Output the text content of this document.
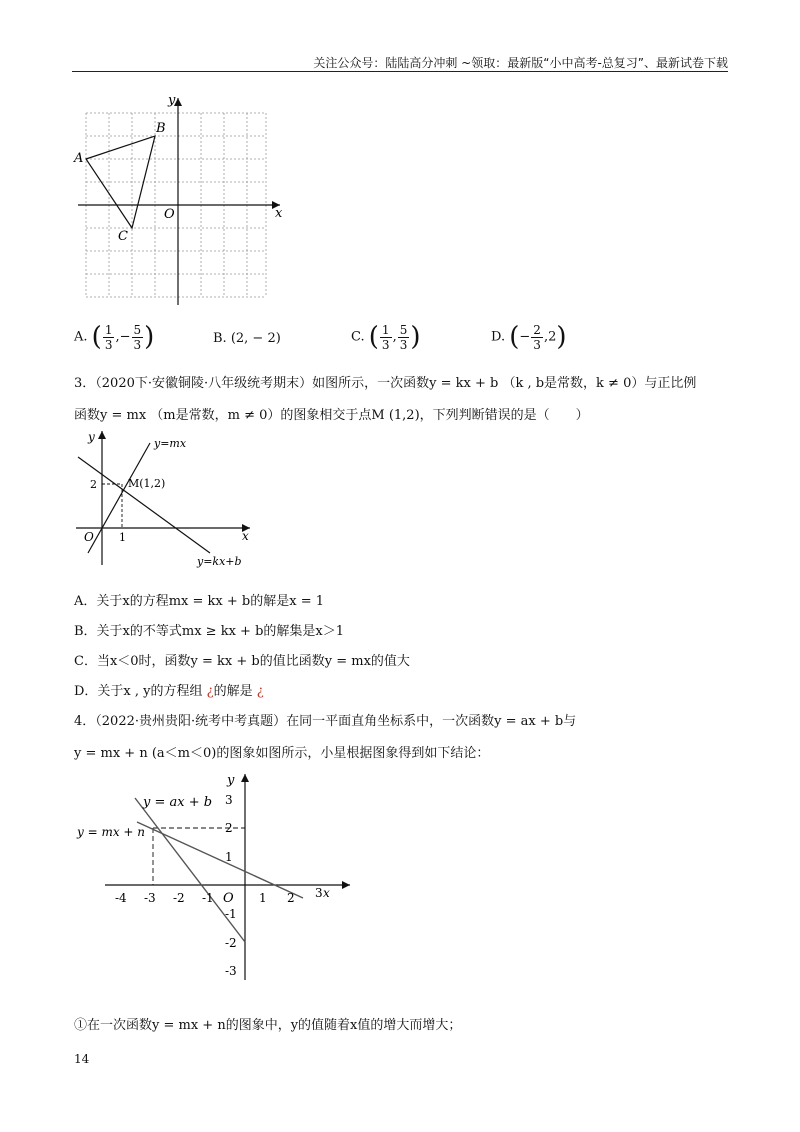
关注公众号：陆陆高分冲刺 ~领取：最新版“小中高考-总复习”、最新试卷下载
A
B
C
O	x
y
A. ( $\frac{1}{3}$ ,− $\frac{5}{3}$ )	B. (2, − 2)	C. ( $\frac{1}{3}$ , $\frac{5}{3}$ )	D. (− $\frac{2}{3} ,2$)
3．（2020下·安徽铜陵·八年级统考期末）如图所示，一次函数y = kx + b （k , b是常数，k ≠ 0）与正比例
函数y = mx （m是常数，m ≠ 0）的图象相交于点M (1,2)，下列判断错误的是（　　）
y=mx
y=kx+b
M(1,2)
2
1
O	x
y
A．关于x的方程mx = kx + b的解是x = 1
B．关于x的不等式mx ≥ kx + b的解集是x＞1
C．当x＜0时，函数y = kx + b的值比函数y = mx的值大
D．关于x , y的方程组 ¿的解是 ¿
4．（2022·贵州贵阳·统考中考真题）在同一平面直角坐标系中，一次函数y = ax + b与
y = mx + n (a＜m＜0)的图象如图所示，小星根据图象得到如下结论：
y = ax + b
y = mx + n
-4 -3 -2 -1	1 2 3
3
2
1
-1
-2
-3
O	x
y
①在一次函数y = mx + n的图象中，y的值随着x值的增大而增大；
14
